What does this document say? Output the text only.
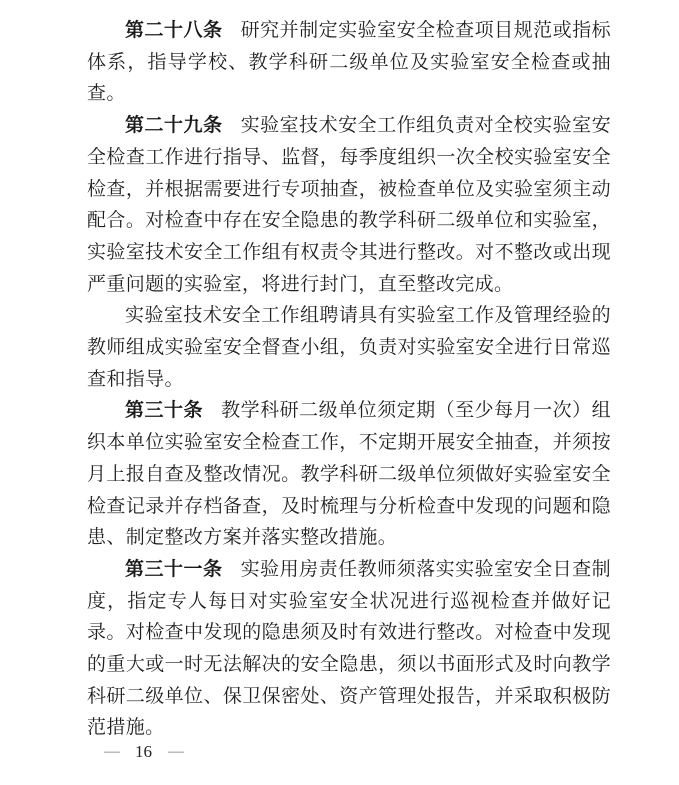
第二十八条 研究并制定实验室安全检查项目规范或指标体系，指导学校、教学科研二级单位及实验室安全检查或抽查。

第二十九条 实验室技术安全工作组负责对全校实验室安全检查工作进行指导、监督，每季度组织一次全校实验室安全检查，并根据需要进行专项抽查，被检查单位及实验室须主动配合。对检查中存在安全隐患的教学科研二级单位和实验室，实验室技术安全工作组有权责令其进行整改。对不整改或出现严重问题的实验室，将进行封门，直至整改完成。

实验室技术安全工作组聘请具有实验室工作及管理经验的教师组成实验室安全督查小组，负责对实验室安全进行日常巡查和指导。

第三十条 教学科研二级单位须定期（至少每月一次）组织本单位实验室安全检查工作，不定期开展安全抽查，并须按月上报自查及整改情况。教学科研二级单位须做好实验室安全检查记录并存档备查，及时梳理与分析检查中发现的问题和隐患、制定整改方案并落实整改措施。

第三十一条 实验用房责任教师须落实实验室安全日查制度，指定专人每日对实验室安全状况进行巡视检查并做好记录。对检查中发现的隐患须及时有效进行整改。对检查中发现的重大或一时无法解决的安全隐患，须以书面形式及时向教学科研二级单位、保卫保密处、资产管理处报告，并采取积极防范措施。

— 16 —
